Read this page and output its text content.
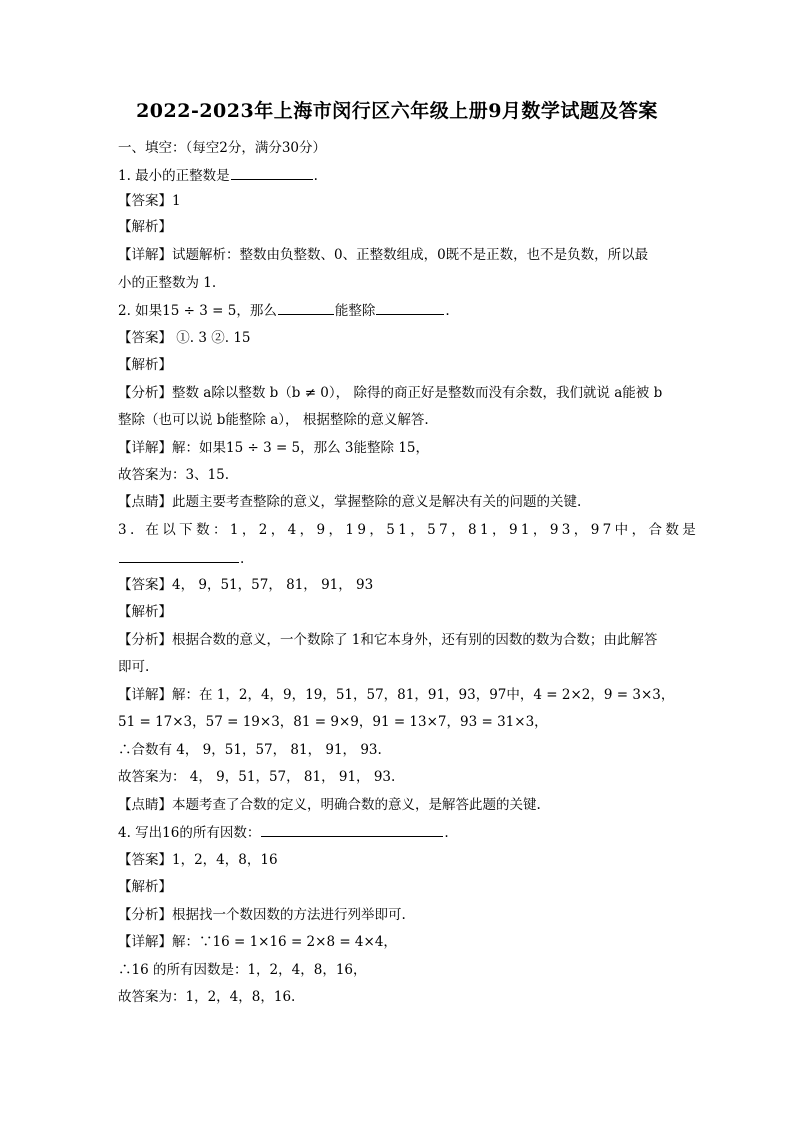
2022-2023年上海市闵行区六年级上册9月数学试题及答案
一、填空：（每空2分，满分30分）
1. 最小的正整数是	.
【答案】1
【解析】
【详解】试题解析：整数由负整数、0、正整数组成，0既不是正数，也不是负数，所以最
小的正整数为 1.
2. 如果15 ÷ 3 = 5，那么	能整除	.
【答案】 ①. 3 ②. 15
【解析】
【分析】整数 a除以整数 b（b ≠ 0）， 除得的商正好是整数而没有余数，我们就说 a能被 b
整除（也可以说 b能整除 a）， 根据整除的意义解答.
【详解】解：如果15 ÷ 3 = 5，那么 3能整除 15，
故答案为：3、15.
【点睛】此题主要考查整除的意义，掌握整除的意义是解决有关的问题的关键.
3. 在以下数：1，2，4，9，19，51，57，81，91，93，97中，合数是
.
【答案】4， 9，51，57， 81， 91， 93
【解析】
【分析】根据合数的意义，一个数除了 1和它本身外，还有别的因数的数为合数；由此解答
即可.
【详解】解：在 1，2，4，9，19，51，57，81，91，93，97中，4 = 2×2，9 = 3×3，
51 = 17×3，57 = 19×3，81 = 9×9，91 = 13×7，93 = 31×3，
∴合数有 4， 9，51，57， 81， 91， 93.
故答案为： 4， 9，51，57， 81， 91， 93.
【点睛】本题考查了合数的定义，明确合数的意义，是解答此题的关键.
4. 写出16的所有因数：	.
【答案】1，2，4，8，16
【解析】
【分析】根据找一个数因数的方法进行列举即可.
【详解】解：∵16 = 1×16 = 2×8 = 4×4，
∴16 的所有因数是：1，2，4，8，16，
故答案为：1，2，4，8，16.
